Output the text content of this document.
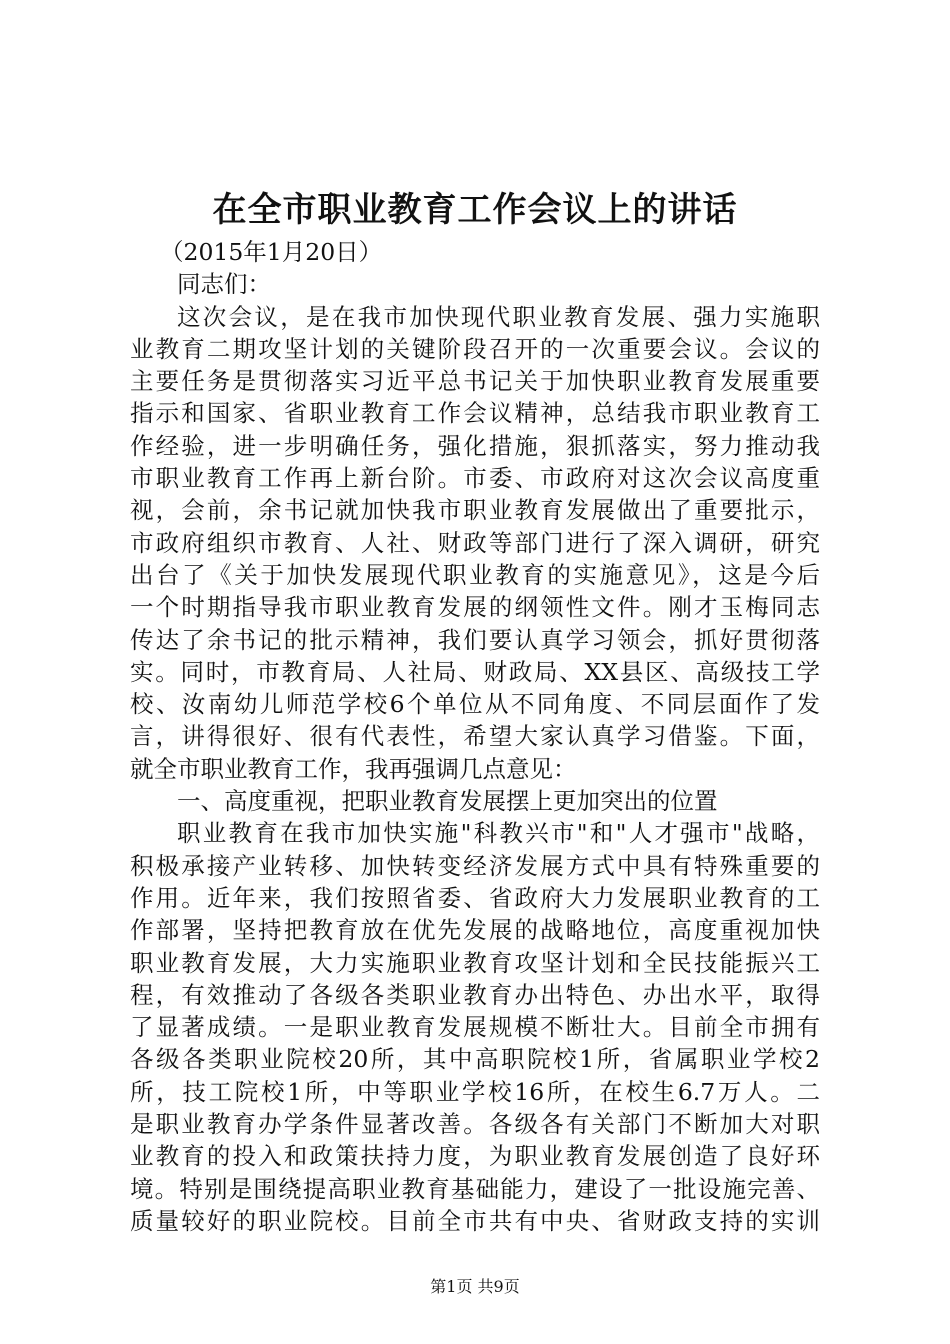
在全市职业教育工作会议上的讲话
（2015年1月20日）
同志们：
这次会议，是在我市加快现代职业教育发展、强力实施职
业教育二期攻坚计划的关键阶段召开的一次重要会议。会议的
主要任务是贯彻落实习近平总书记关于加快职业教育发展重要
指示和国家、省职业教育工作会议精神，总结我市职业教育工
作经验，进一步明确任务，强化措施，狠抓落实，努力推动我
市职业教育工作再上新台阶。市委、市政府对这次会议高度重
视，会前，余书记就加快我市职业教育发展做出了重要批示，
市政府组织市教育、人社、财政等部门进行了深入调研，研究
出台了《关于加快发展现代职业教育的实施意见》，这是今后
一个时期指导我市职业教育发展的纲领性文件。刚才玉梅同志
传达了余书记的批示精神，我们要认真学习领会，抓好贯彻落
实。同时，市教育局、人社局、财政局、XX县区、高级技工学
校、汝南幼儿师范学校6个单位从不同角度、不同层面作了发
言，讲得很好、很有代表性，希望大家认真学习借鉴。下面，
就全市职业教育工作，我再强调几点意见：
一、高度重视，把职业教育发展摆上更加突出的位置
职业教育在我市加快实施"科教兴市"和"人才强市"战略，
积极承接产业转移、加快转变经济发展方式中具有特殊重要的
作用。近年来，我们按照省委、省政府大力发展职业教育的工
作部署，坚持把教育放在优先发展的战略地位，高度重视加快
职业教育发展，大力实施职业教育攻坚计划和全民技能振兴工
程，有效推动了各级各类职业教育办出特色、办出水平，取得
了显著成绩。一是职业教育发展规模不断壮大。目前全市拥有
各级各类职业院校20所，其中高职院校1所，省属职业学校2
所，技工院校1所，中等职业学校16所，在校生6.7万人。二
是职业教育办学条件显著改善。各级各有关部门不断加大对职
业教育的投入和政策扶持力度，为职业教育发展创造了良好环
境。特别是围绕提高职业教育基础能力，建设了一批设施完善、
质量较好的职业院校。目前全市共有中央、省财政支持的实训
第1页 共9页
